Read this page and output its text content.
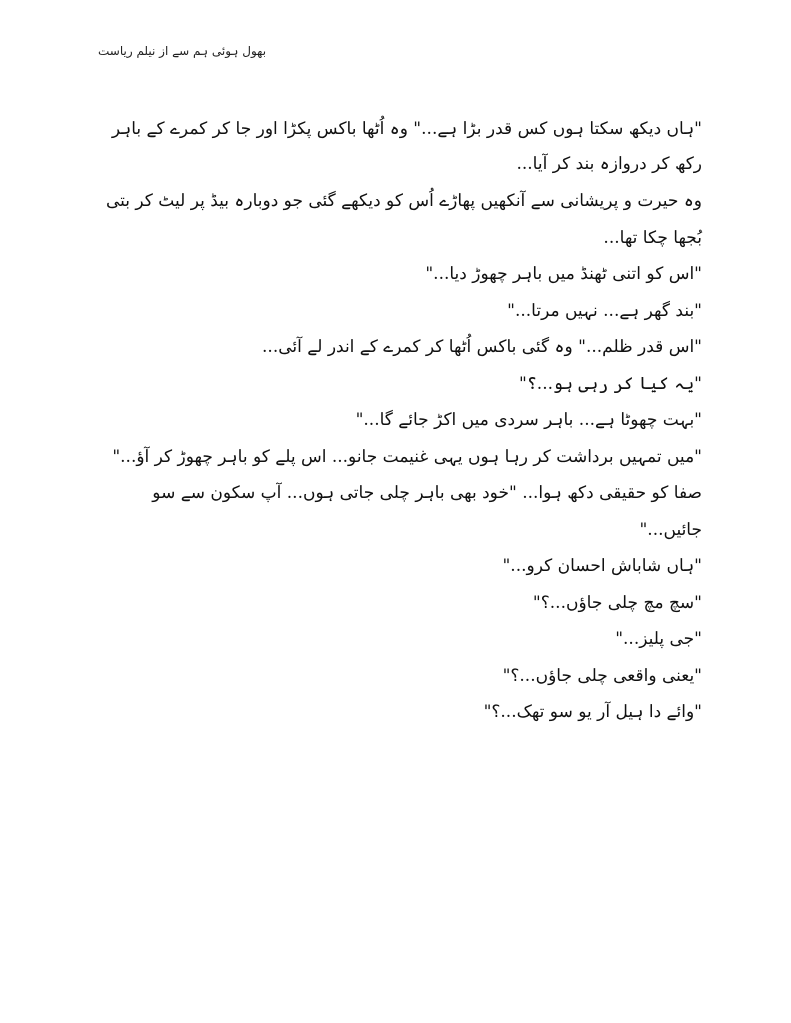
بھول ہوئی ہم سے از نیلم ریاست

"ہاں دیکھ سکتا ہوں کس قدر بڑا ہے..." وہ اُٹھا باکس پکڑا اور جا کر کمرے کے باہر رکھ کر دروازہ بند کر آیا...

وہ حیرت و پریشانی سے آنکھیں پھاڑے اُس کو دیکھے گئی جو دوبارہ بیڈ پر لیٹ کر بتی بُجھا چکا تھا...

"اس کو اتنی ٹھنڈ میں باہر چھوڑ دیا..."

"بند گھر ہے... نہیں مرتا..."

"اس قدر ظلم..." وہ گئی باکس اُٹھا کر کمرے کے اندر لے آئی...

"یہ کیا کر رہی ہو...؟"

"بہت چھوٹا ہے... باہر سردی میں اکڑ جائے گا..."

"میں تمہیں برداشت کر رہا ہوں یہی غنیمت جانو... اس پلے کو باہر چھوڑ کر آؤ..."

صفا کو حقیقی دکھ ہوا... "خود بھی باہر چلی جاتی ہوں... آپ سکون سے سو جائیں..."

"ہاں شاباش احسان کرو..."

"سچ مچ چلی جاؤں...؟"

"جی پلیز..."

"یعنی واقعی چلی جاؤں...؟"

"وائے دا ہیل آر یو سو تھک...؟"
